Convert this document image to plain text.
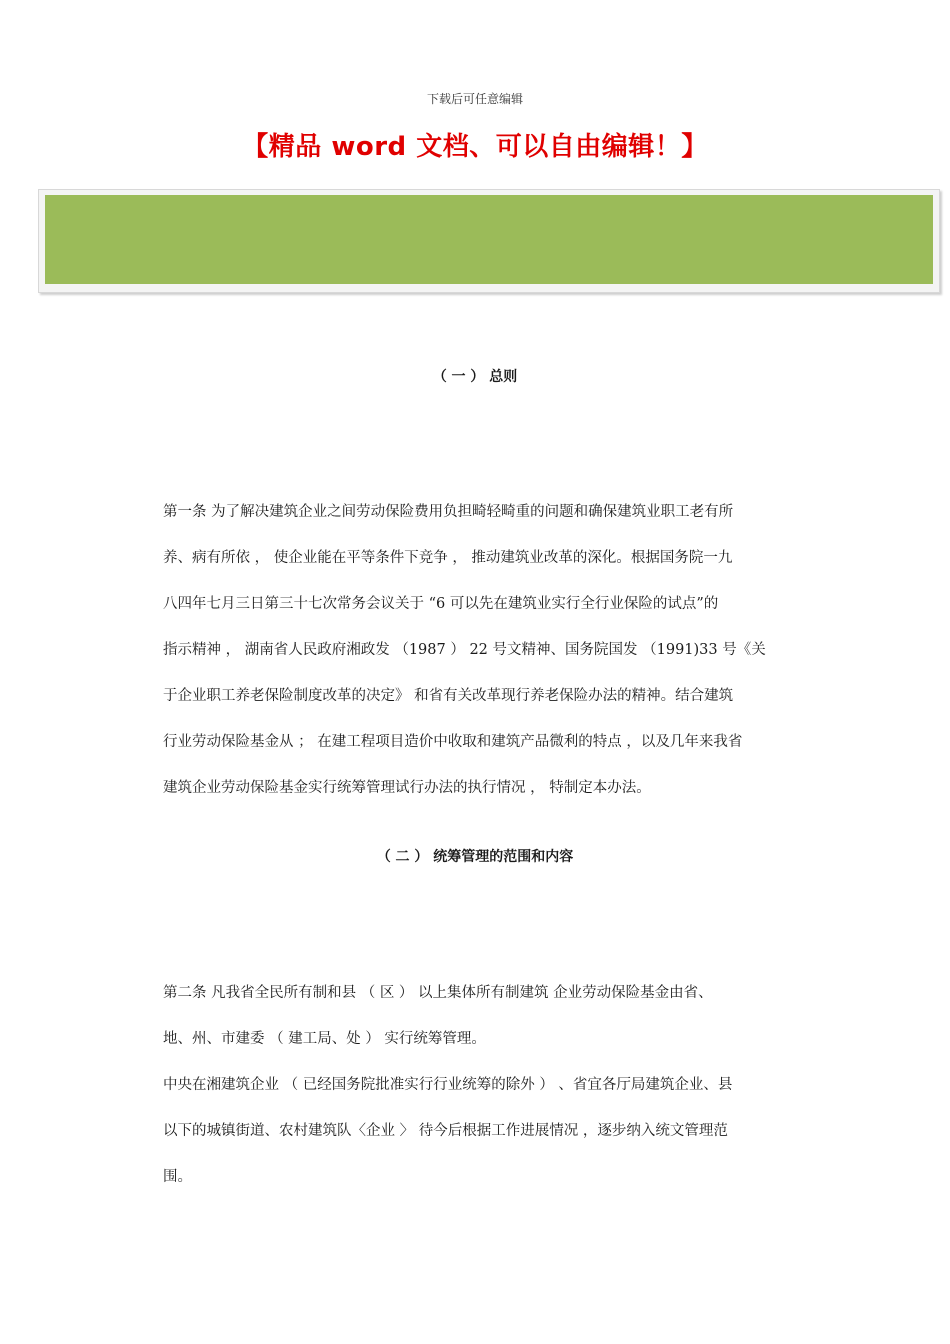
下载后可任意编辑
【精品 word 文档、可以自由编辑！】
（ 一 ） 总则
第一条 为了解决建筑企业之间劳动保险费用负担畸轻畸重的问题和确保建筑业职工老有所
养、病有所依 ， 使企业能在平等条件下竞争 ， 推动建筑业改革的深化。根据国务院一九
八四年七月三日第三十七次常务会议关于 “6 可以先在建筑业实行全行业保险的试点”的
指示精神 ， 湖南省人民政府湘政发 （1987 ） 22 号文精神、国务院国发 （1991)33 号《关
于企业职工养老保险制度改革的决定》 和省有关改革现行养老保险办法的精神。结合建筑
行业劳动保险基金从 ； 在建工程项目造价中收取和建筑产品微利的特点 ，以及几年来我省
建筑企业劳动保险基金实行统筹管理试行办法的执行情况 ， 特制定本办法。
（ 二 ） 统筹管理的范围和内容
第二条 凡我省全民所有制和县 （ 区 ） 以上集体所有制建筑 企业劳动保险基金由省、
地、州、市建委 （ 建工局、处 ） 实行统筹管理。
中央在湘建筑企业 （ 已经国务院批准实行行业统筹的除外 ） 、省宜各厅局建筑企业、县
以下的城镇街道、农村建筑队〈企业 〉 待今后根据工作进展情况 ，逐步纳入统文管理范
围。
